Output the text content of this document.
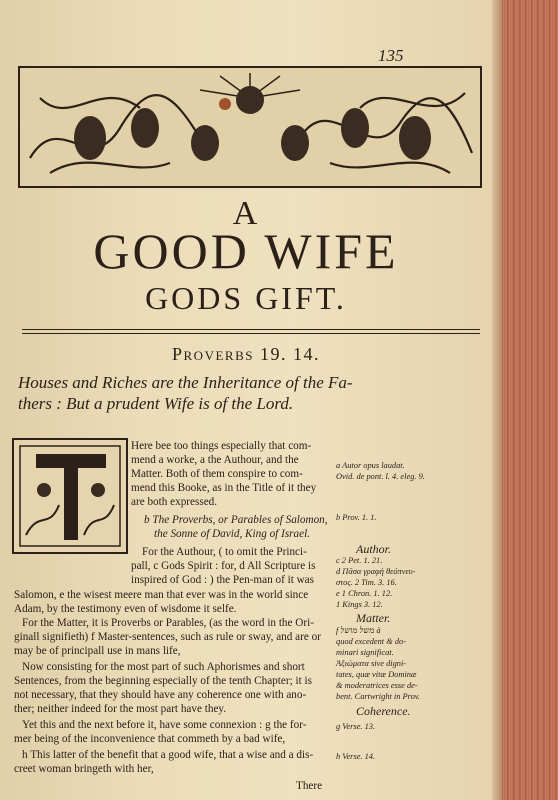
135
A
GOOD WIFE
GODS GIFT.
Proverbs 19. 14.
Houses and Riches are the Inheritance of the Fa-
thers : But a prudent Wife is of the Lord.
Here bee too things especially that com-
mend a worke, a the Authour, and the
Matter. Both of them conspire to com-
mend this Booke, as in the Title of it they
are both expressed.
b The Proverbs, or Parables of Salomon,
the Sonne of David, King of Israel.
For the Authour, ( to omit the Princi-
pall, c Gods Spirit : for, d All Scripture is
inspired of God : ) the Pen-man of it was
Salomon, e the wisest meere man that ever was in the world since
Adam, by the testimony even of wisdome it selfe.
For the Matter, it is Proverbs or Parables, (as the word in the Ori-
ginall signifieth) f Master-sentences, such as rule or sway, and are or
may be of principall use in mans life,
Now consisting for the most part of such Aphorismes and short
Sentences, from the beginning especially of the tenth Chapter; it is
not necessary, that they should have any coherence one with ano-
ther; neither indeed for the most part have they.
Yet this and the next before it, have some connexion : g the for-
mer being of the inconvenience that commeth by a bad wife,
h This latter of the benefit that a good wife, that a wise and a dis-
creet woman bringeth with her,
There
a Autor opus laudat.
Ovid. de pont. l. 4. eleg. 9.
b Prov. 1. 1.
Author.
c 2 Pet. 1. 21.
d Πᾶσα γραφὴ θεόπνευ-
στος. 2 Tim. 3. 16.
e 1 Chron. 1. 12.
1 Kings 3. 12.
Matter.
f משל מושל à
quod excedent & do-
minari significat.
Ἀξιώματα sive digni-
tates, quæ vitæ Dominæ
& moderatrices esse de-
bent. Cartwright in Prov.
Coherence.
g Verse. 13.
h Verse. 14.
